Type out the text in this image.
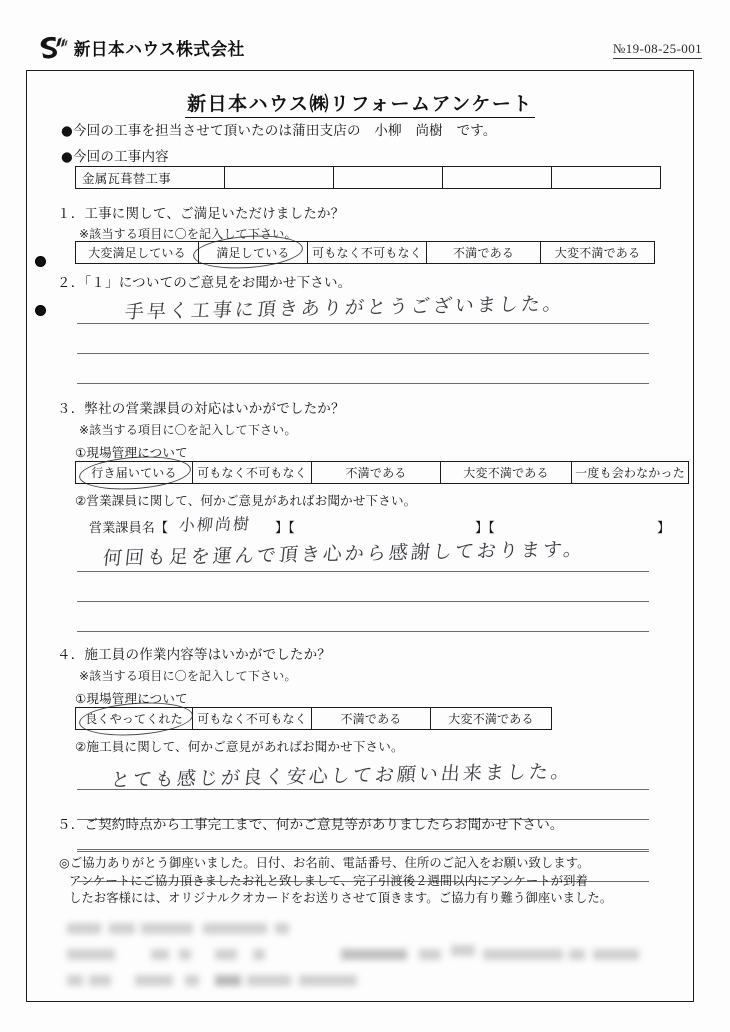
新日本ハウス株式会社	№19-08-25-001
新日本ハウス㈱リフォームアンケート
●今回の工事を担当させて頂いたのは蒲田支店の　小柳　尚樹　です。
●今回の工事内容
金属瓦葺替工事				
１．工事に関して、ご満足いただけましたか？
※該当する項目に〇を記入して下さい。
大変満足している	満足している	可もなく不可もなく	不満である	大変不満である
２．「１」についてのご意見をお聞かせ下さい。
手早く工事に頂きありがとうございました。
３．弊社の営業課員の対応はいかがでしたか？
※該当する項目に〇を記入して下さい。
①現場管理について
行き届いている	可もなく不可もなく	不満である	大変不満である	一度も会わなかった
②営業課員に関して、何かご意見があればお聞かせ下さい。
営業課員名【 小柳尚樹 】【	】【	】
何回も足を運んで頂き心から感謝しております。
４．施工員の作業内容等はいかがでしたか？
※該当する項目に〇を記入して下さい。
①現場管理について
良くやってくれた	可もなく不可もなく	不満である	大変不満である
②施工員に関して、何かご意見があればお聞かせ下さい。
とても感じが良く安心してお願い出来ました。
５．ご契約時点から工事完工まで、何かご意見等がありましたらお聞かせ下さい。
◎ご協力ありがとう御座いました。日付、お名前、電話番号、住所のご記入をお願い致します。
アンケートにご協力頂きましたお礼と致しまして、完了引渡後２週間以内にアンケートが到着
したお客様には、オリジナルクオカードをお送りさせて頂きます。ご協力有り難う御座いました。
